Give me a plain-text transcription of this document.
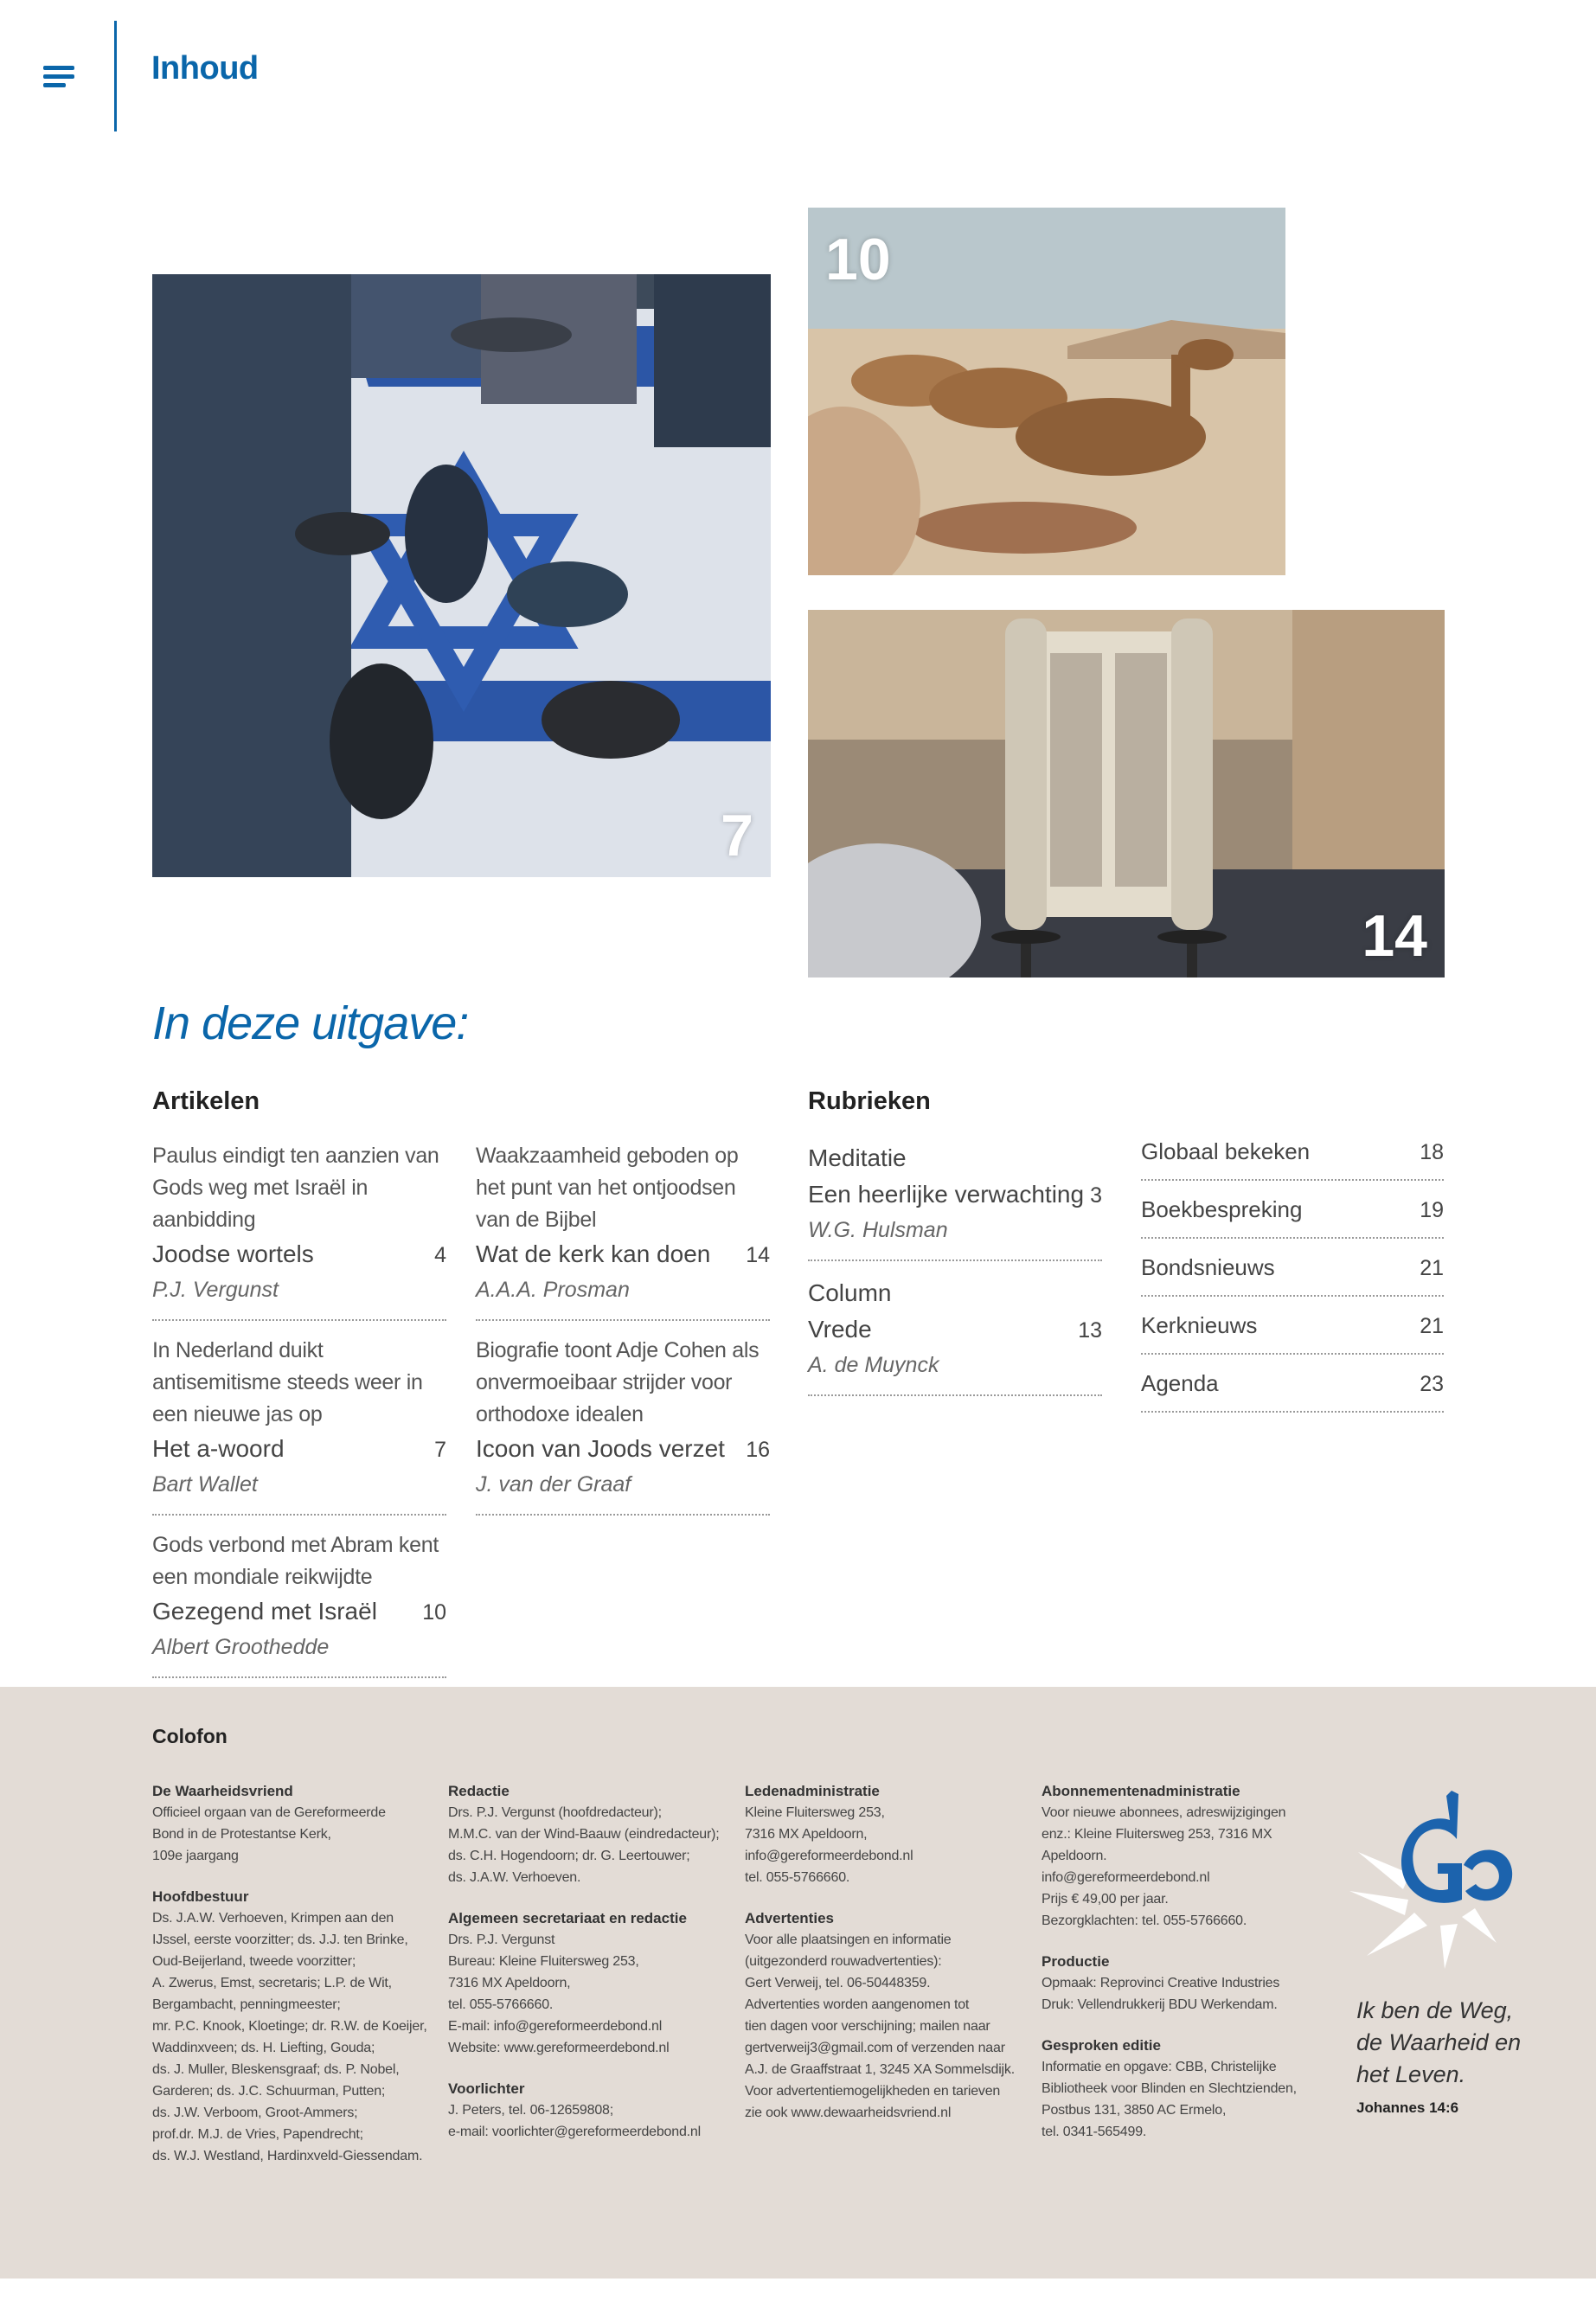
Inhoud
7
10
14
In deze uitgave:
Artikelen
Paulus eindigt ten aanzien van Gods weg met Israël in aanbidding
Joodse wortels	4
P.J. Vergunst
In Nederland duikt antisemitisme steeds weer in een nieuwe jas op
Het a-woord	7
Bart Wallet
Gods verbond met Abram kent een mondiale reikwijdte
Gezegend met Israël 10
Albert Groothedde
Waakzaamheid geboden op het punt van het ontjoodsen van de Bijbel
Wat de kerk kan doen 14
A.A.A. Prosman
Biografie toont Adje Cohen als onvermoeibaar strijder voor orthodoxe idealen
Icoon van Joods verzet 16
J. van der Graaf
Rubrieken
Meditatie
Een heerlijke verwachting 3
W.G. Hulsman
Column
Vrede	13
A. de Muynck
Globaal bekeken	18
Boekbespreking	19
Bondsnieuws	21
Kerknieuws	21
Agenda	23
Colofon
De Waarheidsvriend
Officieel orgaan van de Gereformeerde
Bond in de Protestantse Kerk,
109e jaargang
Hoofdbestuur
Ds. J.A.W. Verhoeven, Krimpen aan den
IJssel, eerste voorzitter; ds. J.J. ten Brinke,
Oud-Beijerland, tweede voorzitter;
A. Zwerus, Emst, secretaris; L.P. de Wit,
Bergambacht, penningmeester;
mr. P.C. Knook, Kloetinge; dr. R.W. de Koeijer,
Waddinxveen; ds. H. Liefting, Gouda;
ds. J. Muller, Bleskensgraaf; ds. P. Nobel,
Garderen; ds. J.C. Schuurman, Putten;
ds. J.W. Verboom, Groot-Ammers;
prof.dr. M.J. de Vries, Papendrecht;
ds. W.J. Westland, Hardinxveld-Giessendam.
Redactie
Drs. P.J. Vergunst (hoofdredacteur);
M.M.C. van der Wind-Baauw (eindredacteur);
ds. C.H. Hogendoorn; dr. G. Leertouwer;
ds. J.A.W. Verhoeven.
Algemeen secretariaat en redactie
Drs. P.J. Vergunst
Bureau: Kleine Fluitersweg 253,
7316 MX Apeldoorn,
tel. 055-5766660.
E-mail: info@gereformeerdebond.nl
Website: www.gereformeerdebond.nl
Voorlichter
J. Peters, tel. 06-12659808;
e-mail: voorlichter@gereformeerdebond.nl
Ledenadministratie
Kleine Fluitersweg 253,
7316 MX Apeldoorn,
info@gereformeerdebond.nl
tel. 055-5766660.
Advertenties
Voor alle plaatsingen en informatie
(uitgezonderd rouwadvertenties):
Gert Verweij, tel. 06-50448359.
Advertenties worden aangenomen tot
tien dagen voor verschijning; mailen naar
gertverweij3@gmail.com of verzenden naar
A.J. de Graaffstraat 1, 3245 XA Sommelsdijk.
Voor advertentiemogelijkheden en tarieven
zie ook www.dewaarheidsvriend.nl
Abonnementenadministratie
Voor nieuwe abonnees, adreswijzigingen
enz.: Kleine Fluitersweg 253, 7316 MX
Apeldoorn.
info@gereformeerdebond.nl
Prijs € 49,00 per jaar.
Bezorgklachten: tel. 055-5766660.
Productie
Opmaak: Reprovinci Creative Industries
Druk: Vellendrukkerij BDU Werkendam.
Gesproken editie
Informatie en opgave: CBB, Christelijke
Bibliotheek voor Blinden en Slechtzienden,
Postbus 131, 3850 AC Ermelo,
tel. 0341-565499.
Ik ben de Weg,
de Waarheid en
het Leven.
Johannes 14:6
